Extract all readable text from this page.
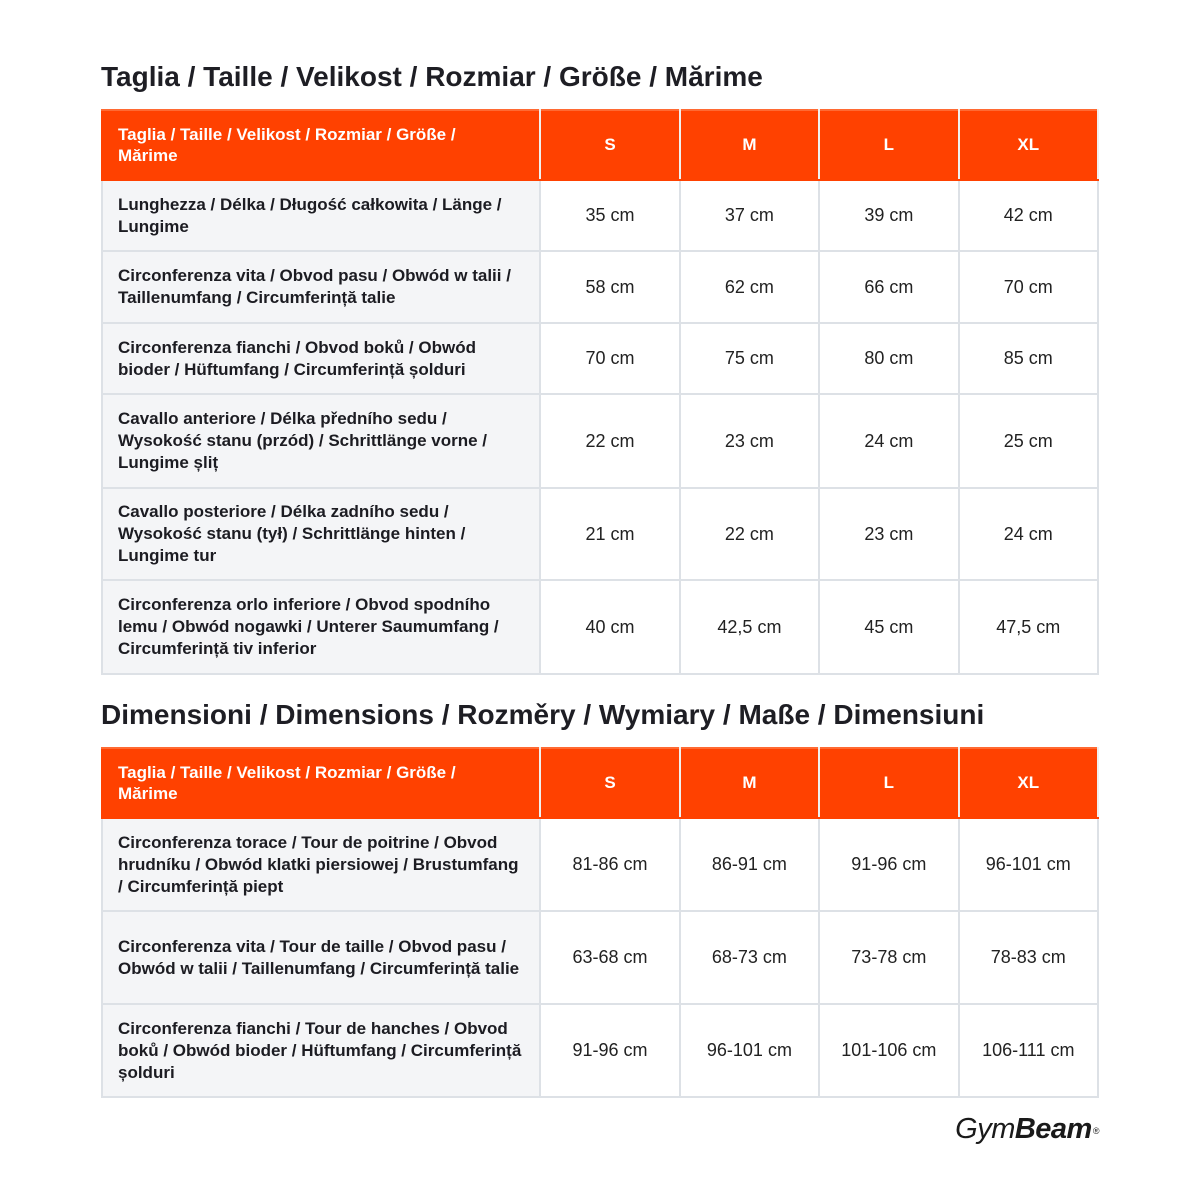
Taglia / Taille / Velikost / Rozmiar / Größe / Mărime
Taglia / Taille / Velikost / Rozmiar / Größe / Mărime	S	M	L	XL
Lunghezza / Délka / Długość całkowita / Länge / Lungime	35 cm	37 cm	39 cm	42 cm
Circonferenza vita / Obvod pasu / Obwód w talii / Taillenumfang / Circumferință talie	58 cm	62 cm	66 cm	70 cm
Circonferenza fianchi / Obvod boků / Obwód bioder / Hüftumfang / Circumferință șolduri	70 cm	75 cm	80 cm	85 cm
Cavallo anteriore / Délka předního sedu / Wysokość stanu (przód) / Schrittlänge vorne / Lungime șliț	22 cm	23 cm	24 cm	25 cm
Cavallo posteriore / Délka zadního sedu / Wysokość stanu (tył) / Schrittlänge hinten / Lungime tur	21 cm	22 cm	23 cm	24 cm
Circonferenza orlo inferiore / Obvod spodního lemu / Obwód nogawki / Unterer Saumumfang / Circumferință tiv inferior	40 cm	42,5 cm	45 cm	47,5 cm
Dimensioni / Dimensions / Rozměry / Wymiary / Maße / Dimensiuni
Taglia / Taille / Velikost / Rozmiar / Größe / Mărime	S	M	L	XL
Circonferenza torace / Tour de poitrine / Obvod hrudníku / Obwód klatki piersiowej / Brustumfang / Circumferință piept	81-86 cm	86-91 cm	91-96 cm	96-101 cm
Circonferenza vita / Tour de taille / Obvod pasu / Obwód w talii / Taillenumfang / Circumferință talie	63-68 cm	68-73 cm	73-78 cm	78-83 cm
Circonferenza fianchi / Tour de hanches / Obvod boků / Obwód bioder / Hüftumfang / Circumferință șolduri	91-96 cm	96-101 cm	101-106 cm	106-111 cm
GymBeam®
